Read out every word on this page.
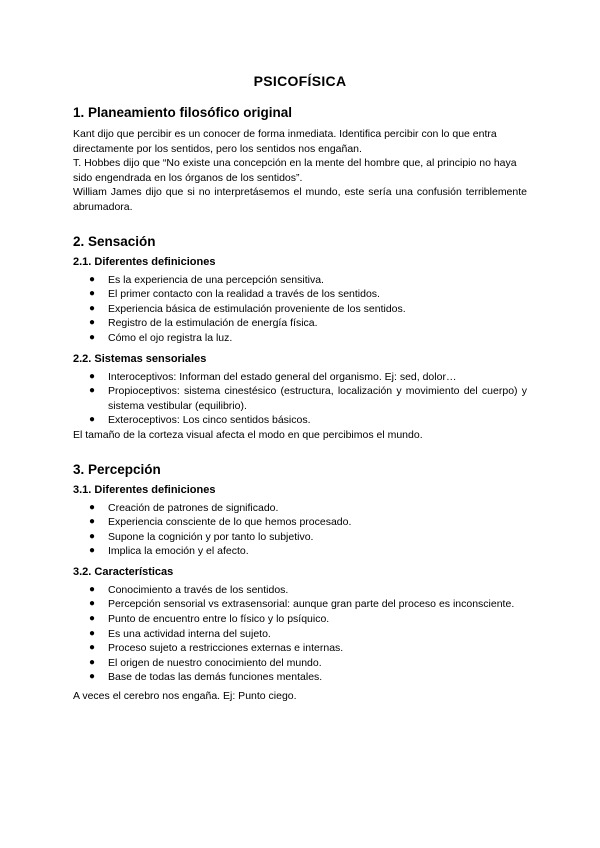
PSICOFÍSICA
1. Planeamiento filosófico original

Kant dijo que percibir es un conocer de forma inmediata. Identifica percibir con lo que entra directamente por los sentidos, pero los sentidos nos engañan.

T. Hobbes dijo que “No existe una concepción en la mente del hombre que, al principio no haya sido engendrada en los órganos de los sentidos”.

William James dijo que si no interpretásemos el mundo, este sería una confusión terriblemente abrumadora.

2. Sensación
2.1. Diferentes definiciones
● Es la experiencia de una percepción sensitiva.
● El primer contacto con la realidad a través de los sentidos.
● Experiencia básica de estimulación proveniente de los sentidos.
● Registro de la estimulación de energía física.
● Cómo el ojo registra la luz.
2.2. Sistemas sensoriales
● Interoceptivos: Informan del estado general del organismo. Ej: sed, dolor…
● Propioceptivos: sistema cinestésico (estructura, localización y movimiento del cuerpo) y sistema vestibular (equilibrio).
● Exteroceptivos: Los cinco sentidos básicos.

El tamaño de la corteza visual afecta el modo en que percibimos el mundo.

3. Percepción
3.1. Diferentes definiciones
● Creación de patrones de significado.
● Experiencia consciente de lo que hemos procesado.
● Supone la cognición y por tanto lo subjetivo.
● Implica la emoción y el afecto.
3.2. Características
● Conocimiento a través de los sentidos.
● Percepción sensorial vs extrasensorial: aunque gran parte del proceso es inconsciente.
● Punto de encuentro entre lo físico y lo psíquico.
● Es una actividad interna del sujeto.
● Proceso sujeto a restricciones externas e internas.
● El origen de nuestro conocimiento del mundo.
● Base de todas las demás funciones mentales.

A veces el cerebro nos engaña. Ej: Punto ciego.
